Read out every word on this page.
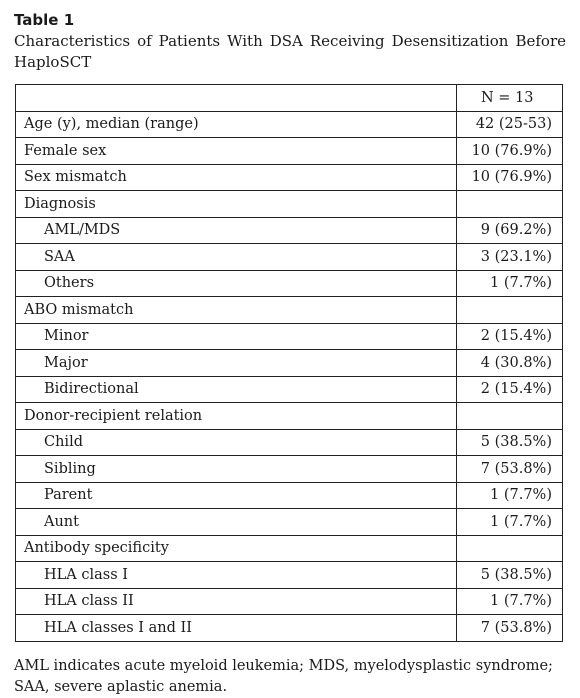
Table 1

Characteristics of Patients With DSA Receiving Desensitization Before HaploSCT

	N = 13
Age (y), median (range)	42 (25-53)
Female sex	10 (76.9%)
Sex mismatch	10 (76.9%)
Diagnosis	
AML/MDS	9 (69.2%)
SAA	3 (23.1%)
Others	1 (7.7%)
ABO mismatch	
Minor	2 (15.4%)
Major	4 (30.8%)
Bidirectional	2 (15.4%)
Donor-recipient relation	
Child	5 (38.5%)
Sibling	7 (53.8%)
Parent	1 (7.7%)
Aunt	1 (7.7%)
Antibody specificity	
HLA class I	5 (38.5%)
HLA class II	1 (7.7%)
HLA classes I and II	7 (53.8%)

AML indicates acute myeloid leukemia; MDS, myelodysplastic syndrome; SAA, severe aplastic anemia.
